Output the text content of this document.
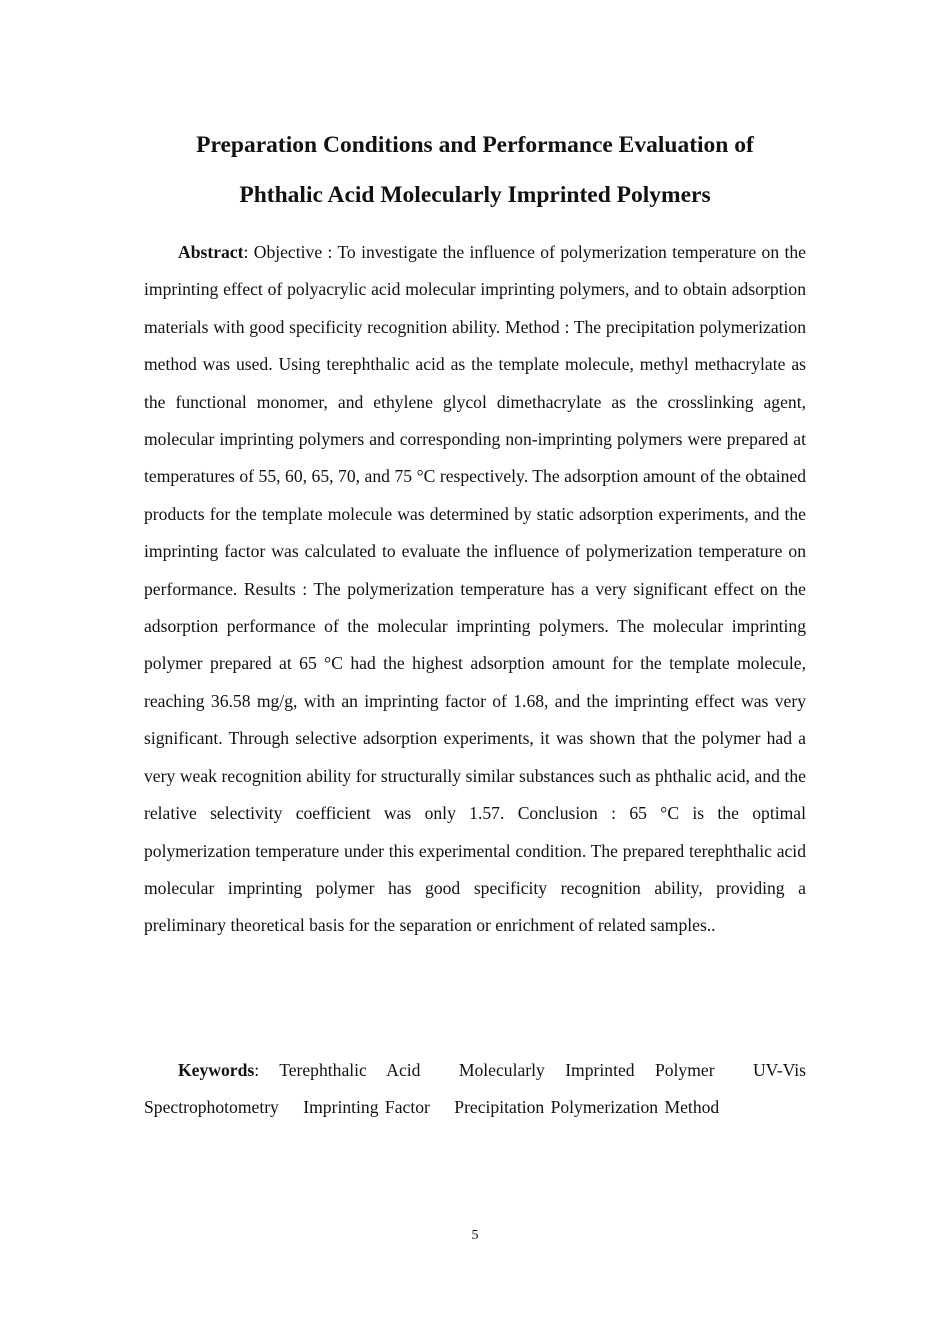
Preparation Conditions and Performance Evaluation of
Phthalic Acid Molecularly Imprinted Polymers

Abstract: Objective : To investigate the influence of polymerization temperature on the imprinting effect of polyacrylic acid molecular imprinting polymers, and to obtain adsorption materials with good specificity recognition ability. Method : The precipitation polymerization method was used. Using terephthalic acid as the template molecule, methyl methacrylate as the functional monomer, and ethylene glycol dimethacrylate as the crosslinking agent, molecular imprinting polymers and corresponding non-imprinting polymers were prepared at temperatures of 55, 60, 65, 70, and 75 °C respectively. The adsorption amount of the obtained products for the template molecule was determined by static adsorption experiments, and the imprinting factor was calculated to evaluate the influence of polymerization temperature on performance. Results : The polymerization temperature has a very significant effect on the adsorption performance of the molecular imprinting polymers. The molecular imprinting polymer prepared at 65 °C had the highest adsorption amount for the template molecule, reaching 36.58 mg/g, with an imprinting factor of 1.68, and the imprinting effect was very significant. Through selective adsorption experiments, it was shown that the polymer had a very weak recognition ability for structurally similar substances such as phthalic acid, and the relative selectivity coefficient was only 1.57. Conclusion : 65 °C is the optimal polymerization temperature under this experimental condition. The prepared terephthalic acid molecular imprinting polymer has good specificity recognition ability, providing a preliminary theoretical basis for the separation or enrichment of related samples..

Keywords: Terephthalic Acid Molecularly Imprinted Polymer UV-Vis Spectrophotometry Imprinting Factor Precipitation Polymerization Method

5
